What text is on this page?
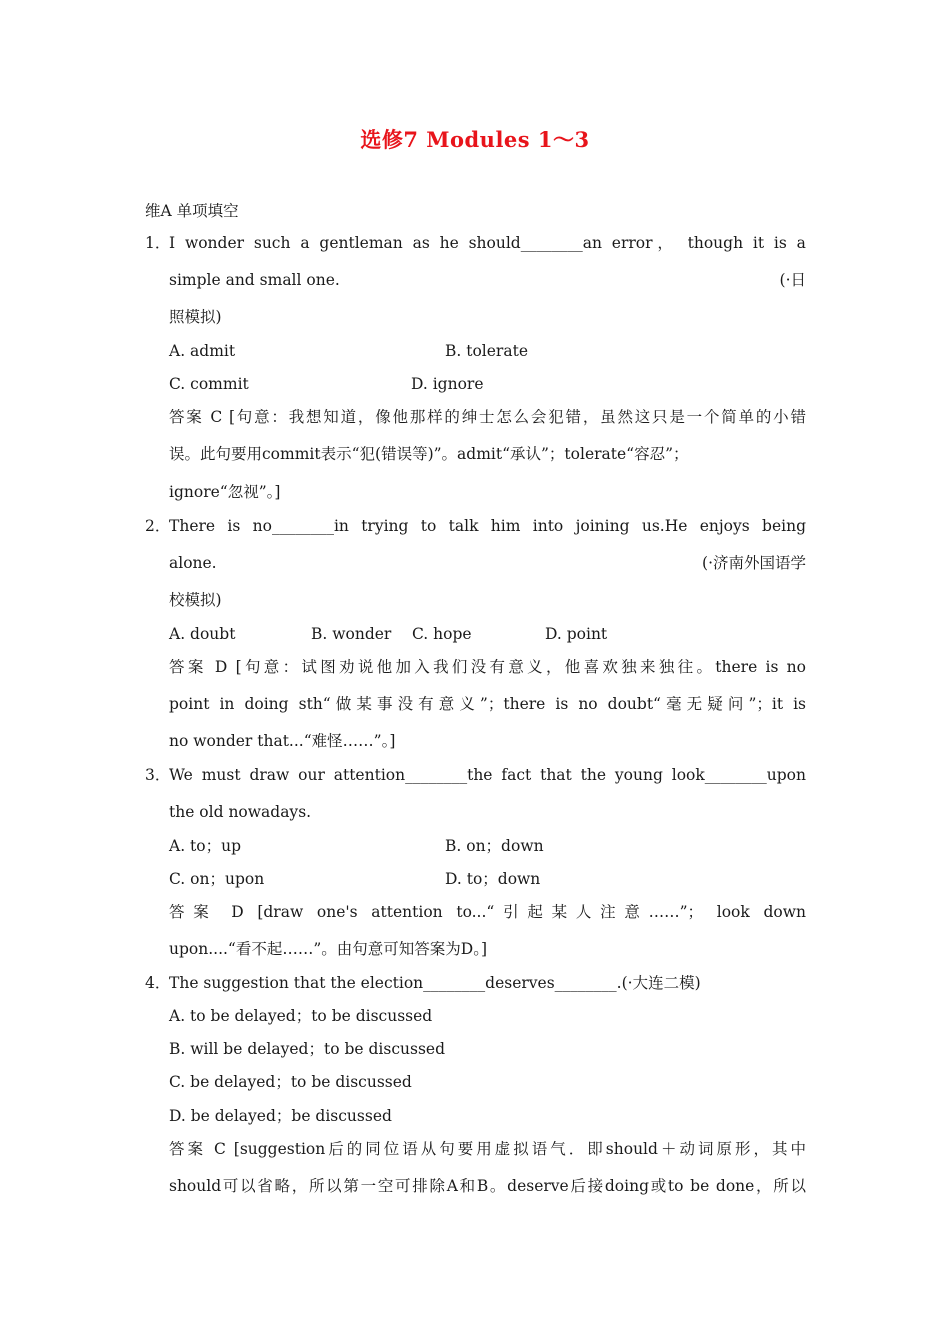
选修7 Modules 1～3
维A 单项填空
1．
I wonder such a gentleman as he should________an error， though it is a
simple and small one.	(·日
照模拟)
A. admit	B. tolerate
C. commit	D. ignore
答案 C [句意：我想知道，像他那样的绅士怎么会犯错，虽然这只是一个简单的小错
误。此句要用commit表示“犯(错误等)”。admit“承认”；tolerate“容忍”；
ignore“忽视”。]
2．
There is no________in trying to talk him into joining us.He enjoys being
alone.	(·济南外国语学
校模拟)
A. doubt	B. wonder C. hope	D. point
答案 D [句意：试图劝说他加入我们没有意义，他喜欢独来独往。there is no
point in doing sth“做某事没有意义”；there is no doubt“毫无疑问”；it is
no wonder that...“难怪……”。]
3．
We must draw our attention________the fact that the young look________upon
the old nowadays.
A. to；up	B. on；down
C. on；upon	D. to；down
答案 D [draw one's attention to...“引起某人注意……”； look down
upon....“看不起……”。由句意可知答案为D。]
4．
The suggestion that the election________deserves________.(·大连二模)
A. to be delayed；to be discussed
B. will be delayed；to be discussed
C. be delayed；to be discussed
D. be delayed；be discussed
答案 C [suggestion后的同位语从句要用虚拟语气．即should＋动词原形，其中
should可以省略，所以第一空可排除A和B。deserve后接doing或to be done，所以
